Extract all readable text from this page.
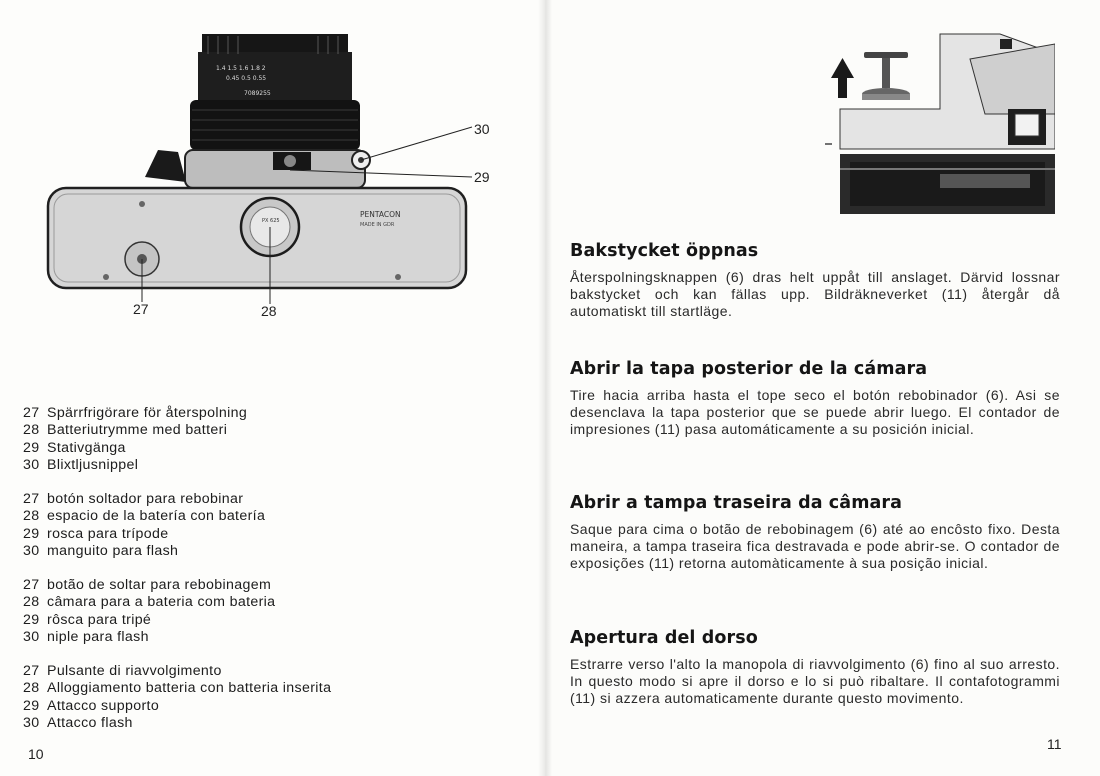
1.4 1.5 1.6 1.8 2
0.45 0.5 0.55
7089255
PX 625
PENTACON
MADE IN GDR
30
29
27	28
27 Spärrfrigörare för återspolning
28 Batteriutrymme med batteri
29 Stativgänga
30 Blixtljusnippel
27 botón soltador para rebobinar
28 espacio de la batería con batería
29 rosca para trípode
30 manguito para flash
27 botão de soltar para rebobinagem
28 câmara para a bateria com bateria
29 rôsca para tripé
30 niple para flash
27 Pulsante di riavvolgimento
28 Alloggiamento batteria con batteria inserita
29 Attacco supporto
30 Attacco flash
10
Bakstycket öppnas

Återspolningsknappen (6) dras helt uppåt till anslaget. Därvid lossnar bakstycket och kan fällas upp. Bildräkneverket (11) återgår då automatiskt till startläge.

Abrir la tapa posterior de la cámara

Tire hacia arriba hasta el tope seco el botón rebobinador (6). Asi se desenclava la tapa posterior que se puede abrir luego. El contador de impresiones (11) pasa automáticamente a su posición inicial.

Abrir a tampa traseira da câmara

Saque para cima o botão de rebobinagem (6) até ao encôsto fixo. Desta maneira, a tampa traseira fica destravada e pode abrir-se. O contador de exposições (11) retorna automàticamente à sua posição inicial.

Apertura del dorso

Estrarre verso l'alto la manopola di riavvolgimento (6) fino al suo arresto. In questo modo si apre il dorso e lo si può ribaltare. Il contafotogrammi (11) si azzera automaticamente durante questo movimento.

11
